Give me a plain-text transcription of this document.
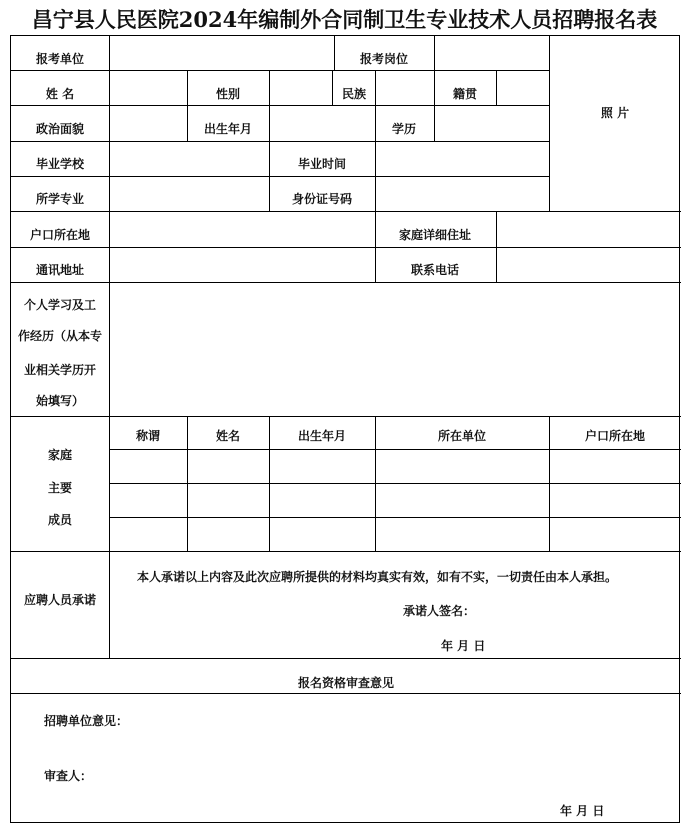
昌宁县人民医院2024年编制外合同制卫生专业技术人员招聘报名表
报考单位	报考岗位
照 片
姓 名	性别	民族	籍贯
政治面貌	出生年月	学历
毕业学校	毕业时间
所学专业	身份证号码
户口所在地	家庭详细住址
通讯地址	联系电话
个人学习及工
作经历（从本专
业相关学历开
始填写）
家庭
主要
成员
称谓	姓名	出生年月	所在单位	户口所在地
应聘人员承诺
本人承诺以上内容及此次应聘所提供的材料均真实有效，如有不实，一切责任由本人承担。
承诺人签名：
年 月 日
报名资格审查意见
招聘单位意见：
审查人：
年 月 日
